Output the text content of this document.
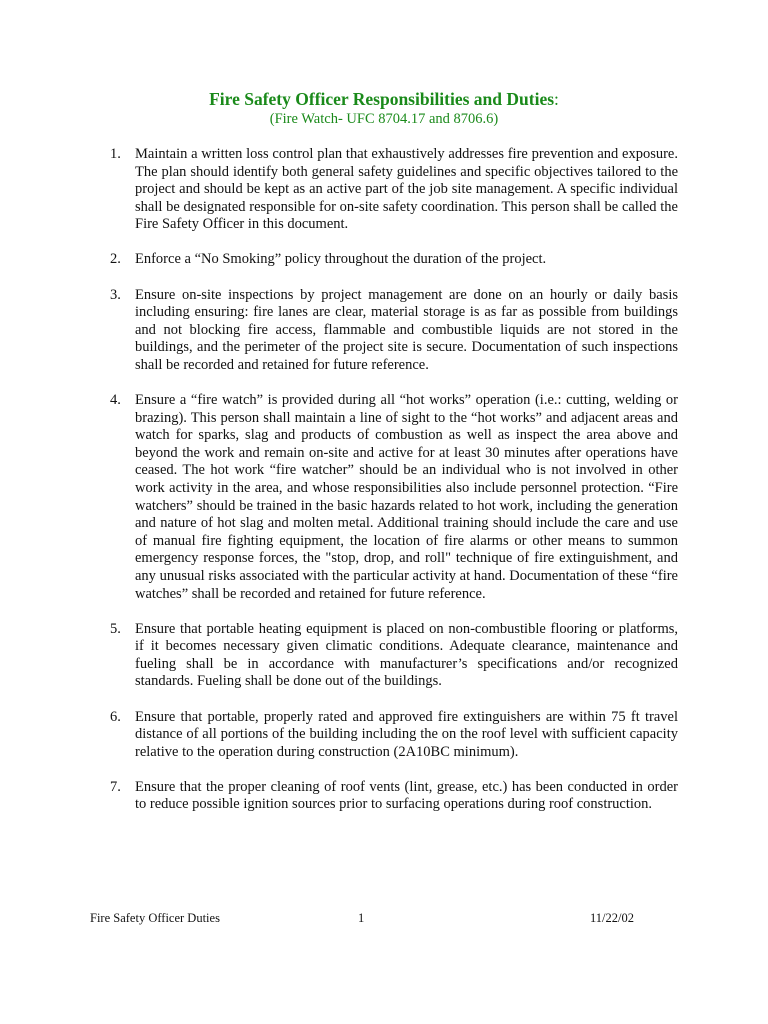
Fire Safety Officer Responsibilities and Duties:
(Fire Watch- UFC 8704.17 and 8706.6)
1. Maintain a written loss control plan that exhaustively addresses fire prevention and exposure. The plan should identify both general safety guidelines and specific objectives tailored to the project and should be kept as an active part of the job site management. A specific individual shall be designated responsible for on-site safety coordination. This person shall be called the Fire Safety Officer in this document.
2. Enforce a “No Smoking” policy throughout the duration of the project.
3. Ensure on-site inspections by project management are done on an hourly or daily basis including ensuring: fire lanes are clear, material storage is as far as possible from buildings and not blocking fire access, flammable and combustible liquids are not stored in the buildings, and the perimeter of the project site is secure. Documentation of such inspections shall be recorded and retained for future reference.
4. Ensure a “fire watch” is provided during all “hot works” operation (i.e.: cutting, welding or brazing). This person shall maintain a line of sight to the “hot works” and adjacent areas and watch for sparks, slag and products of combustion as well as inspect the area above and beyond the work and remain on-site and active for at least 30 minutes after operations have ceased. The hot work “fire watcher” should be an individual who is not involved in other work activity in the area, and whose responsibilities also include personnel protection. “Fire watchers” should be trained in the basic hazards related to hot work, including the generation and nature of hot slag and molten metal. Additional training should include the care and use of manual fire fighting equipment, the location of fire alarms or other means to summon emergency response forces, the "stop, drop, and roll" technique of fire extinguishment, and any unusual risks associated with the particular activity at hand. Documentation of these “fire watches” shall be recorded and retained for future reference.
5. Ensure that portable heating equipment is placed on non-combustible flooring or platforms, if it becomes necessary given climatic conditions. Adequate clearance, maintenance and fueling shall be in accordance with manufacturer’s specifications and/or recognized standards. Fueling shall be done out of the buildings.
6. Ensure that portable, properly rated and approved fire extinguishers are within 75 ft travel distance of all portions of the building including the on the roof level with sufficient capacity relative to the operation during construction (2A10BC minimum).
7. Ensure that the proper cleaning of roof vents (lint, grease, etc.) has been conducted in order to reduce possible ignition sources prior to surfacing operations during roof construction.
Fire Safety Officer Duties	1	11/22/02
